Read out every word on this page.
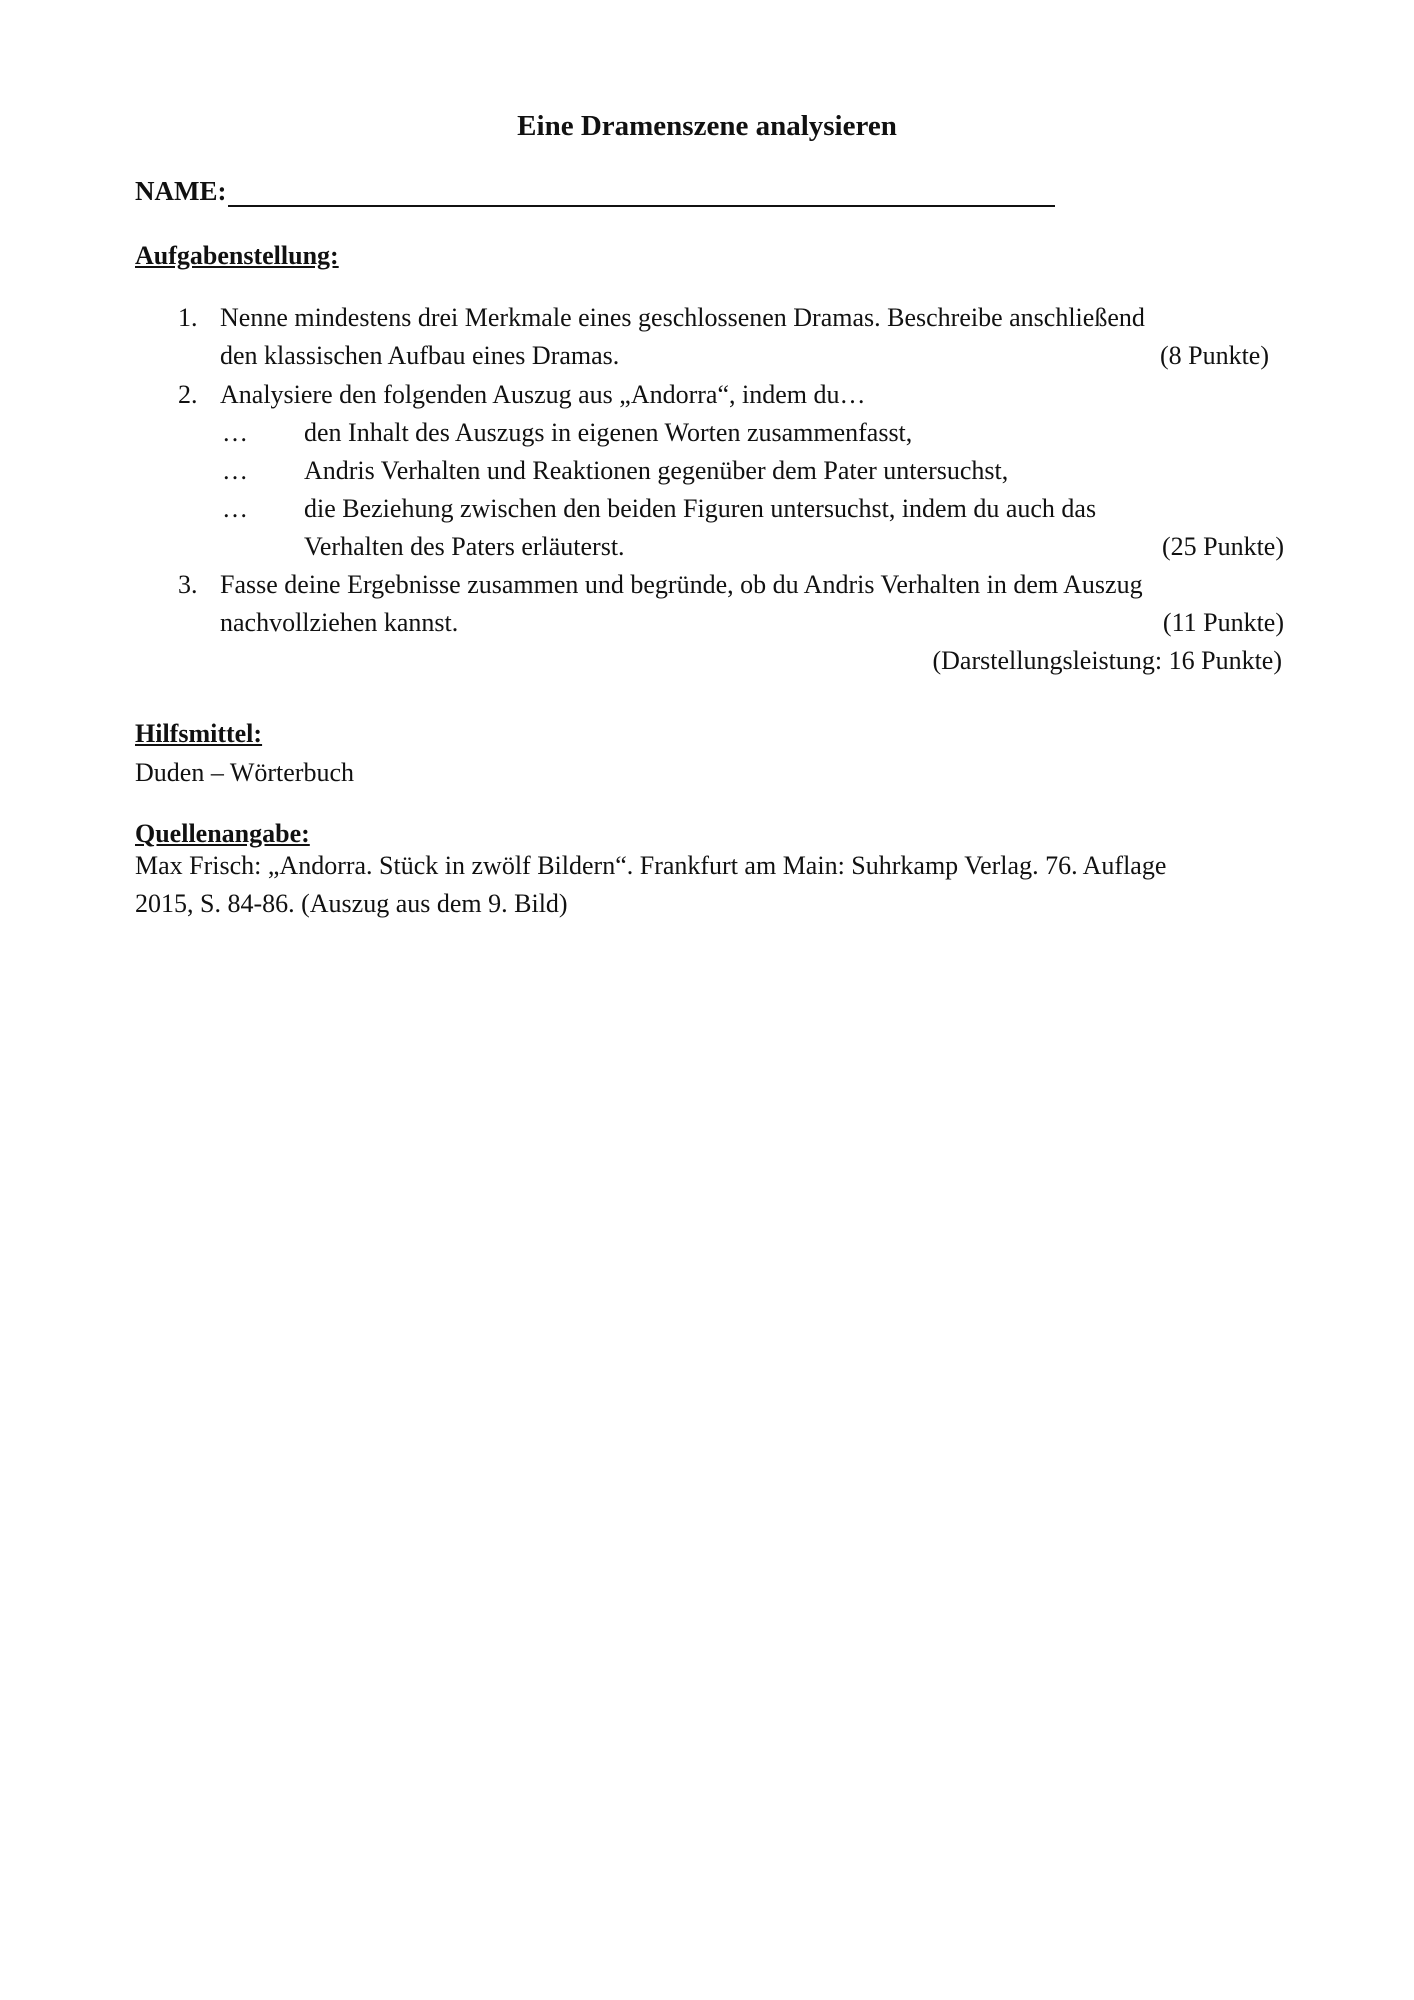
Eine Dramenszene analysieren
NAME:
Aufgabenstellung:
1. Nenne mindestens drei Merkmale eines geschlossenen Dramas. Beschreibe anschließend
den klassischen Aufbau eines Dramas.	(8 Punkte)
2. Analysiere den folgenden Auszug aus „Andorra“, indem du…
… den Inhalt des Auszugs in eigenen Worten zusammenfasst,
… Andris Verhalten und Reaktionen gegenüber dem Pater untersuchst,
… die Beziehung zwischen den beiden Figuren untersuchst, indem du auch das
Verhalten des Paters erläuterst.	(25 Punkte)
3. Fasse deine Ergebnisse zusammen und begründe, ob du Andris Verhalten in dem Auszug
nachvollziehen kannst.	(11 Punkte)
(Darstellungsleistung: 16 Punkte)
Hilfsmittel:
Duden – Wörterbuch
Quellenangabe:
Max Frisch: „Andorra. Stück in zwölf Bildern“. Frankfurt am Main: Suhrkamp Verlag. 76. Auflage
2015, S. 84-86. (Auszug aus dem 9. Bild)
